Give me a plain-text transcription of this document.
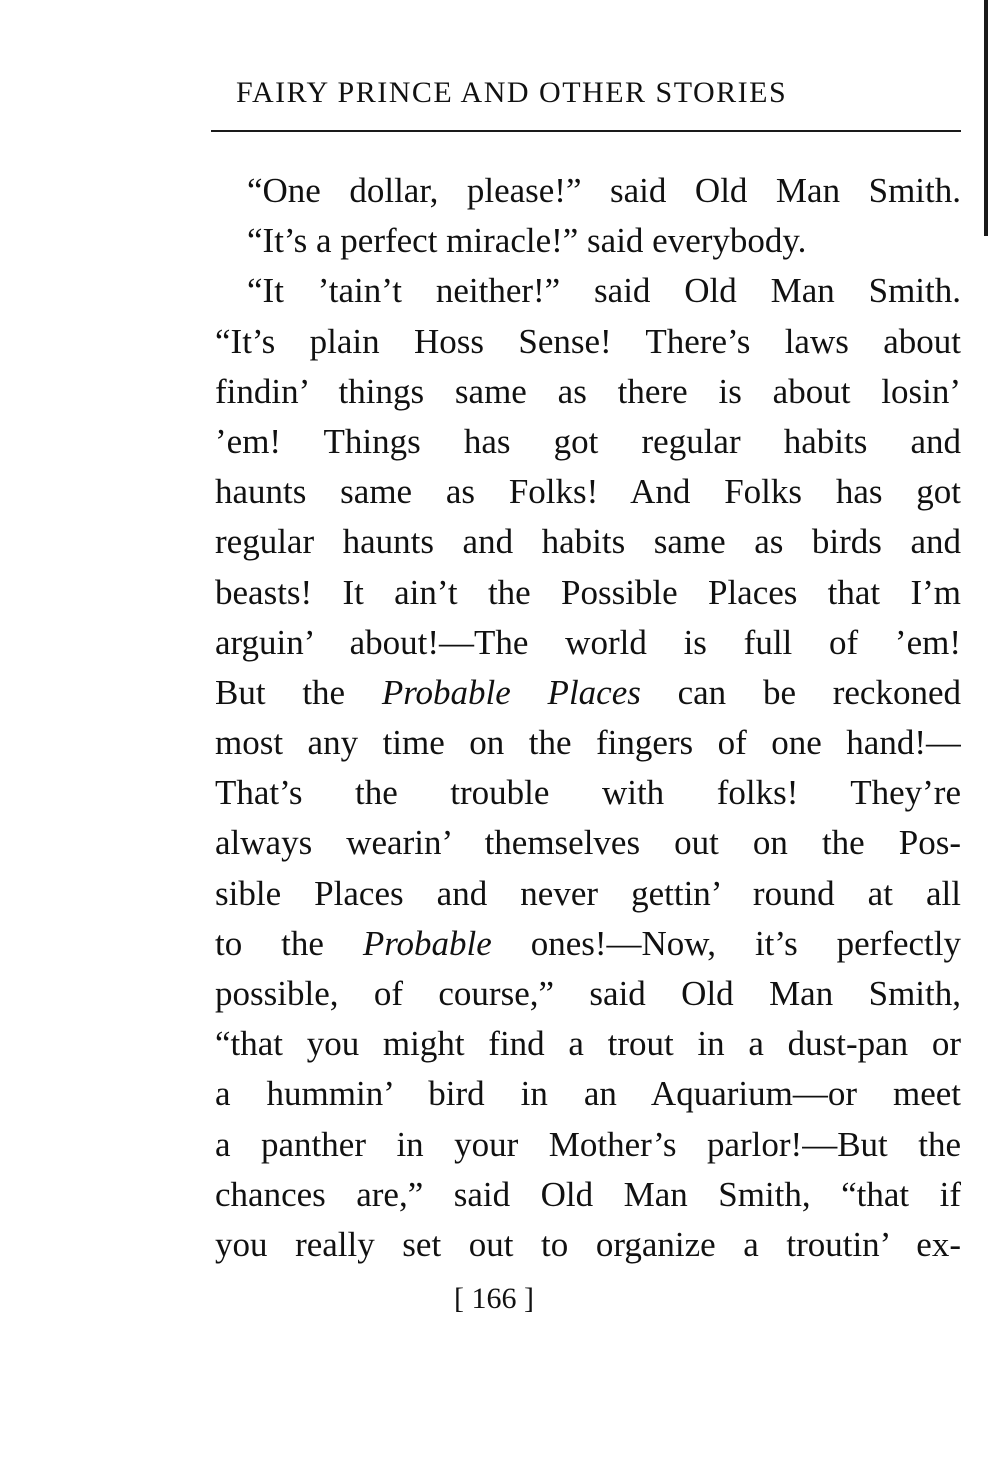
FAIRY PRINCE AND OTHER STORIES
“One dollar, please!” said Old Man Smith.
“It’s a perfect miracle!” said everybody.
“It ’tain’t neither!” said Old Man Smith.
“It’s plain Hoss Sense! There’s laws about
findin’ things same as there is about losin’
’em! Things has got regular habits and
haunts same as Folks! And Folks has got
regular haunts and habits same as birds and
beasts! It ain’t the Possible Places that I’m
arguin’ about!—The world is full of ’em!
But the Probable Places can be reckoned
most any time on the fingers of one hand!—
That’s the trouble with folks! They’re
always wearin’ themselves out on the Pos-
sible Places and never gettin’ round at all
to the Probable ones!—Now, it’s perfectly
possible, of course,” said Old Man Smith,
“that you might find a trout in a dust-pan or
a hummin’ bird in an Aquarium—or meet
a panther in your Mother’s parlor!—But the
chances are,” said Old Man Smith, “that if
you really set out to organize a troutin’ ex-
[ 166 ]
